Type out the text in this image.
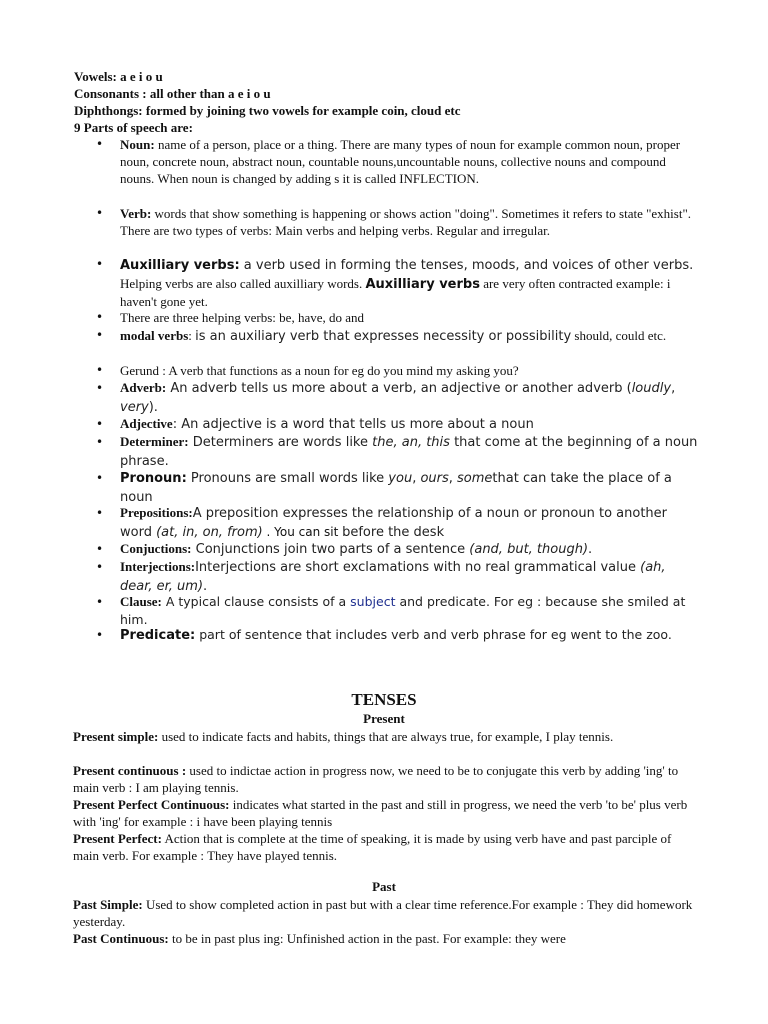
Vowels: a e i o u
Consonants : all other than a e i o u
Diphthongs: formed by joining two vowels for example coin, cloud etc
9 Parts of speech are:
• Noun: name of a person, place or a thing. There are many types of noun for example common noun, proper noun, concrete noun, abstract noun, countable nouns,uncountable nouns, collective nouns and compound nouns. When noun is changed by adding s it is called INFLECTION.
• Verb: words that show something is happening or shows action "doing". Sometimes it refers to state "exhist". There are two types of verbs: Main verbs and helping verbs. Regular and irregular.
• Auxilliary verbs: a verb used in forming the tenses, moods, and voices of other verbs. Helping verbs are also called auxilliary words. Auxilliary verbs are very often contracted example: i haven't gone yet.
• There are three helping verbs: be, have, do and
• modal verbs: is an auxiliary verb that expresses necessity or possibility should, could etc.
• Gerund : A verb that functions as a noun for eg do you mind my asking you?
• Adverb: An adverb tells us more about a verb, an adjective or another adverb (loudly, very).
• Adjective: An adjective is a word that tells us more about a noun
• Determiner: Determiners are words like the, an, this that come at the beginning of a noun phrase.
• Pronoun: Pronouns are small words like you, ours, somethat can take the place of a noun
• Prepositions:A preposition expresses the relationship of a noun or pronoun to another word (at, in, on, from) . You can sit before the desk
• Conjuctions: Conjunctions join two parts of a sentence (and, but, though).
• Interjections:Interjections are short exclamations with no real grammatical value (ah, dear, er, um).
• Clause: A typical clause consists of a subject and predicate. For eg : because she smiled at him.
• Predicate: part of sentence that includes verb and verb phrase for eg went to the zoo.
TENSES
Present
Present simple: used to indicate facts and habits, things that are always true, for example, I play tennis.
Present continuous : used to indictae action in progress now, we need to be to conjugate this verb by adding 'ing' to main verb : I am playing tennis.
Present Perfect Continuous: indicates what started in the past and still in progress, we need the verb 'to be' plus verb with 'ing' for example : i have been playing tennis
Present Perfect: Action that is complete at the time of speaking, it is made by using verb have and past parciple of main verb. For example : They have played tennis.
Past
Past Simple: Used to show completed action in past but with a clear time reference.For example : They did homework yesterday.
Past Continuous: to be in past plus ing: Unfinished action in the past. For example: they were
